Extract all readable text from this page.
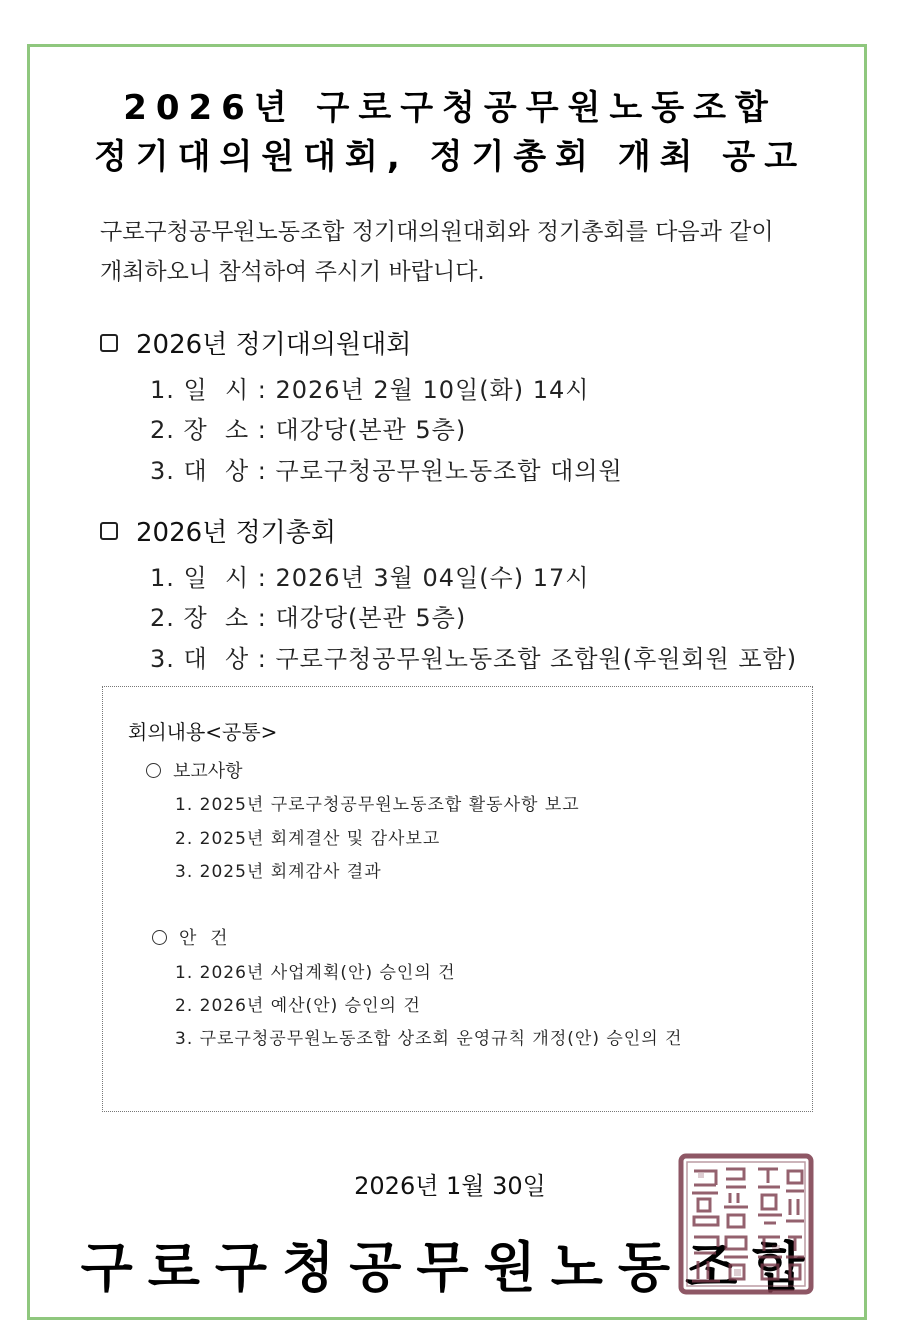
2026년 구로구청공무원노동조합
정기대의원대회, 정기총회 개최 공고
구로구청공무원노동조합 정기대의원대회와 정기총회를 다음과 같이
개최하오니 참석하여 주시기 바랍니다.
2026년 정기대의원대회
1. 일  시 : 2026년 2월 10일(화) 14시
2. 장  소 : 대강당(본관 5층)
3. 대  상 : 구로구청공무원노동조합 대의원
2026년 정기총회
1. 일  시 : 2026년 3월 04일(수) 17시
2. 장  소 : 대강당(본관 5층)
3. 대  상 : 구로구청공무원노동조합 조합원(후원회원 포함)
회의내용<공통>
보고사항
1. 2025년 구로구청공무원노동조합 활동사항 보고
2. 2025년 회계결산 및 감사보고
3. 2025년 회계감사 결과
안 건
1. 2026년 사업계획(안) 승인의 건
2. 2026년 예산(안) 승인의 건
3. 구로구청공무원노동조합 상조회 운영규칙 개정(안) 승인의 건
2026년 1월 30일
구로구청공무원노동조합
